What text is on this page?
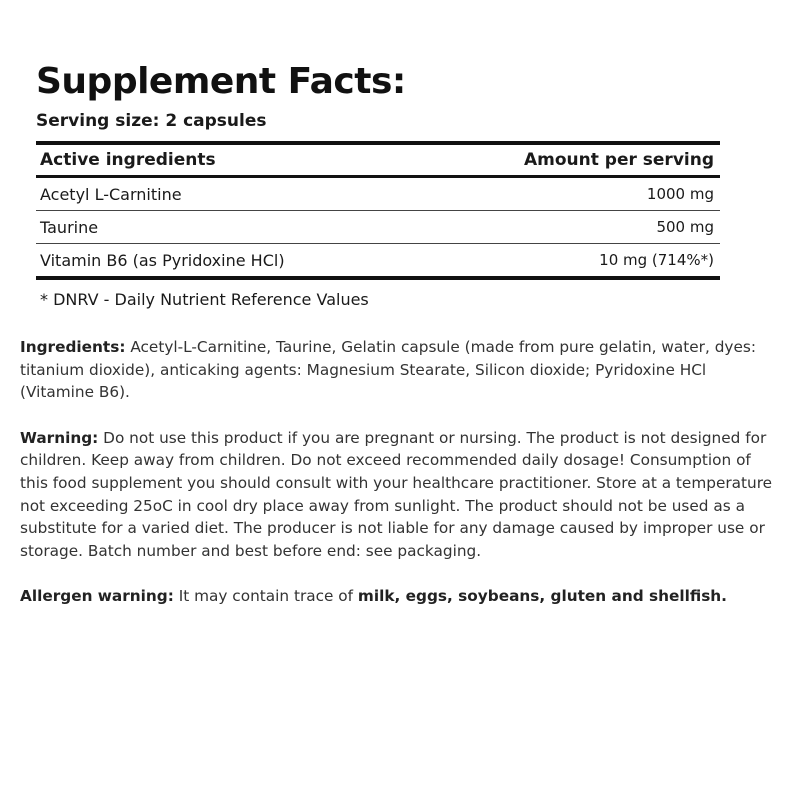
Supplement Facts:
Serving size: 2 capsules
Active ingredients	Amount per serving
Acetyl L-Carnitine	1000 mg
Taurine	500 mg
Vitamin B6 (as Pyridoxine HCl)	10 mg (714%*)
* DNRV - Daily Nutrient Reference Values

Ingredients: Acetyl-L-Carnitine, Taurine, Gelatin capsule (made from pure gelatin, water, dyes: titanium dioxide), anticaking agents: Magnesium Stearate, Silicon dioxide; Pyridoxine HCl (Vitamine B6).

Warning: Do not use this product if you are pregnant or nursing. The product is not designed for children. Keep away from children. Do not exceed recommended daily dosage! Consumption of this food supplement you should consult with your healthcare practitioner. Store at a temperature not exceeding 25oC in cool dry place away from sunlight. The product should not be used as a substitute for a varied diet. The producer is not liable for any damage caused by improper use or storage. Batch number and best before end: see packaging.

Allergen warning: It may contain trace of milk, eggs, soybeans, gluten and shellfish.
